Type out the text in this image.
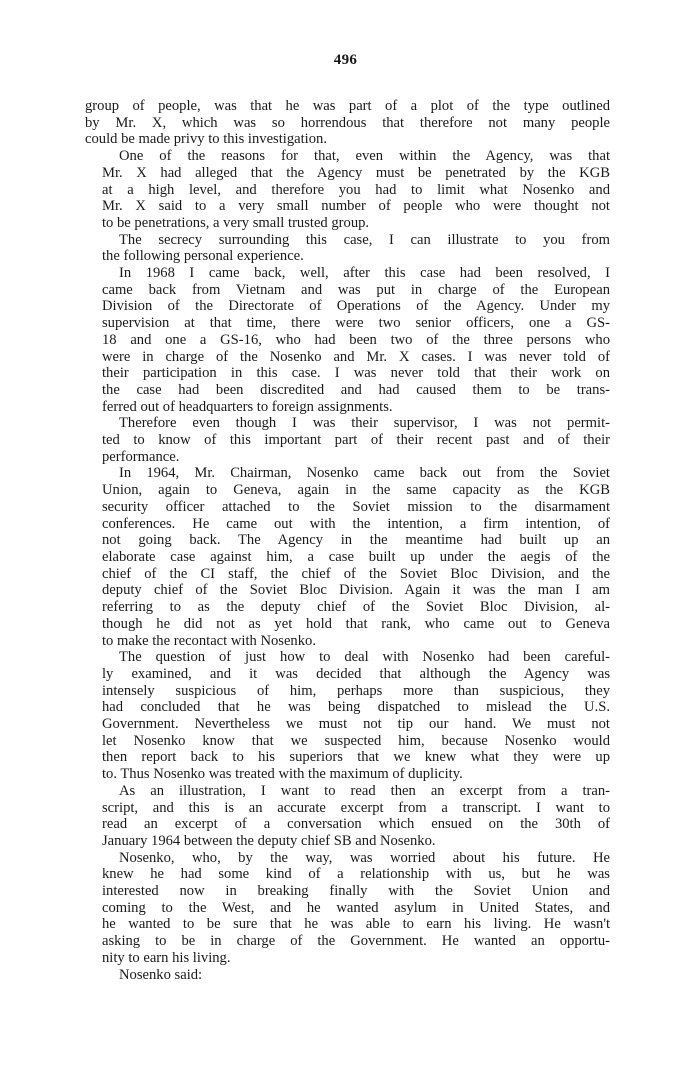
496
group of people, was that he was part of a plot of the type outlined
by Mr. X, which was so horrendous that therefore not many people
could be made privy to this investigation.
One of the reasons for that, even within the Agency, was that
Mr. X had alleged that the Agency must be penetrated by the KGB
at a high level, and therefore you had to limit what Nosenko and
Mr. X said to a very small number of people who were thought not
to be penetrations, a very small trusted group.
The secrecy surrounding this case, I can illustrate to you from
the following personal experience.
In 1968 I came back, well, after this case had been resolved, I
came back from Vietnam and was put in charge of the European
Division of the Directorate of Operations of the Agency. Under my
supervision at that time, there were two senior officers, one a GS-
18 and one a GS-16, who had been two of the three persons who
were in charge of the Nosenko and Mr. X cases. I was never told of
their participation in this case. I was never told that their work on
the case had been discredited and had caused them to be trans-
ferred out of headquarters to foreign assignments.
Therefore even though I was their supervisor, I was not permit-
ted to know of this important part of their recent past and of their
performance.
In 1964, Mr. Chairman, Nosenko came back out from the Soviet
Union, again to Geneva, again in the same capacity as the KGB
security officer attached to the Soviet mission to the disarmament
conferences. He came out with the intention, a firm intention, of
not going back. The Agency in the meantime had built up an
elaborate case against him, a case built up under the aegis of the
chief of the CI staff, the chief of the Soviet Bloc Division, and the
deputy chief of the Soviet Bloc Division. Again it was the man I am
referring to as the deputy chief of the Soviet Bloc Division, al-
though he did not as yet hold that rank, who came out to Geneva
to make the recontact with Nosenko.
The question of just how to deal with Nosenko had been careful-
ly examined, and it was decided that although the Agency was
intensely suspicious of him, perhaps more than suspicious, they
had concluded that he was being dispatched to mislead the U.S.
Government. Nevertheless we must not tip our hand. We must not
let Nosenko know that we suspected him, because Nosenko would
then report back to his superiors that we knew what they were up
to. Thus Nosenko was treated with the maximum of duplicity.
As an illustration, I want to read then an excerpt from a tran-
script, and this is an accurate excerpt from a transcript. I want to
read an excerpt of a conversation which ensued on the 30th of
January 1964 between the deputy chief SB and Nosenko.
Nosenko, who, by the way, was worried about his future. He
knew he had some kind of a relationship with us, but he was
interested now in breaking finally with the Soviet Union and
coming to the West, and he wanted asylum in United States, and
he wanted to be sure that he was able to earn his living. He wasn't
asking to be in charge of the Government. He wanted an opportu-
nity to earn his living.
Nosenko said:
